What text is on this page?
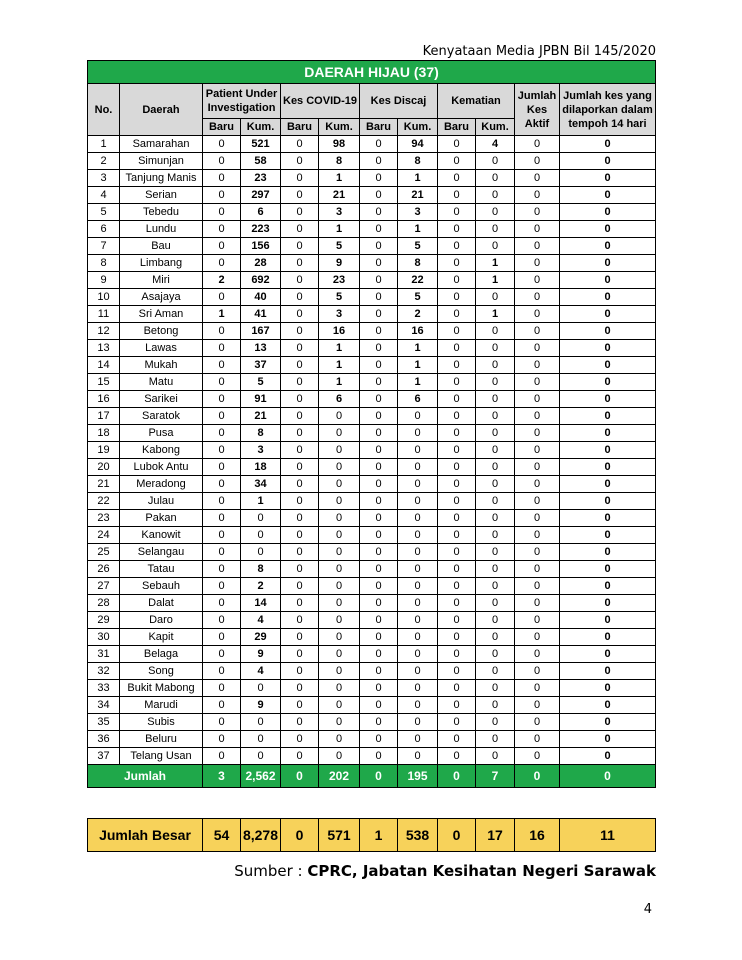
Kenyataan Media JPBN Bil 145/2020
DAERAH HIJAU (37)											
No.	Daerah	Patient Under Investigation		Kes COVID-19		Kes Discaj		Kematian		Jumlah Kes Aktif	Jumlah kes yang dilaporkan dalam tempoh 14 hari
		Baru	Kum.	Baru	Kum.	Baru	Kum.	Baru	Kum.		
1	Samarahan	0	521	0	98	0	94	0	4	0	0
2	Simunjan	0	58	0	8	0	8	0	0	0	0
3	Tanjung Manis	0	23	0	1	0	1	0	0	0	0
4	Serian	0	297	0	21	0	21	0	0	0	0
5	Tebedu	0	6	0	3	0	3	0	0	0	0
6	Lundu	0	223	0	1	0	1	0	0	0	0
7	Bau	0	156	0	5	0	5	0	0	0	0
8	Limbang	0	28	0	9	0	8	0	1	0	0
9	Miri	2	692	0	23	0	22	0	1	0	0
10	Asajaya	0	40	0	5	0	5	0	0	0	0
11	Sri Aman	1	41	0	3	0	2	0	1	0	0
12	Betong	0	167	0	16	0	16	0	0	0	0
13	Lawas	0	13	0	1	0	1	0	0	0	0
14	Mukah	0	37	0	1	0	1	0	0	0	0
15	Matu	0	5	0	1	0	1	0	0	0	0
16	Sarikei	0	91	0	6	0	6	0	0	0	0
17	Saratok	0	21	0	0	0	0	0	0	0	0
18	Pusa	0	8	0	0	0	0	0	0	0	0
19	Kabong	0	3	0	0	0	0	0	0	0	0
20	Lubok Antu	0	18	0	0	0	0	0	0	0	0
21	Meradong	0	34	0	0	0	0	0	0	0	0
22	Julau	0	1	0	0	0	0	0	0	0	0
23	Pakan	0	0	0	0	0	0	0	0	0	0
24	Kanowit	0	0	0	0	0	0	0	0	0	0
25	Selangau	0	0	0	0	0	0	0	0	0	0
26	Tatau	0	8	0	0	0	0	0	0	0	0
27	Sebauh	0	2	0	0	0	0	0	0	0	0
28	Dalat	0	14	0	0	0	0	0	0	0	0
29	Daro	0	4	0	0	0	0	0	0	0	0
30	Kapit	0	29	0	0	0	0	0	0	0	0
31	Belaga	0	9	0	0	0	0	0	0	0	0
32	Song	0	4	0	0	0	0	0	0	0	0
33	Bukit Mabong	0	0	0	0	0	0	0	0	0	0
34	Marudi	0	9	0	0	0	0	0	0	0	0
35	Subis	0	0	0	0	0	0	0	0	0	0
36	Beluru	0	0	0	0	0	0	0	0	0	0
37	Telang Usan	0	0	0	0	0	0	0	0	0	0
Jumlah		3	2,562	0	202	0	195	0	7	0	0
Jumlah Besar	54	8,278	0	571	1	538	0	17	16	11
Sumber : CPRC, Jabatan Kesihatan Negeri Sarawak
4
